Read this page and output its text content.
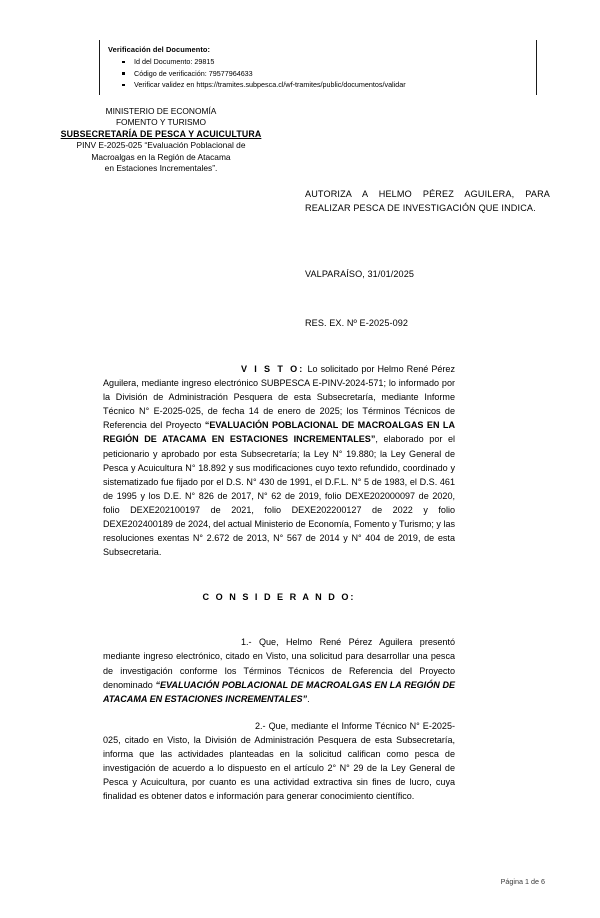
Verificación del Documento:
Id del Documento: 29815
Código de verificación: 79577964633
Verificar validez en https://tramites.subpesca.cl/wf-tramites/public/documentos/validar
MINISTERIO DE ECONOMÍA
FOMENTO Y TURISMO
SUBSECRETARÍA DE PESCA Y ACUICULTURA
PINV E-2025-025 “Evaluación Poblacional de
Macroalgas en la Región de Atacama
en Estaciones Incrementales”.
AUTORIZA A HELMO PÉREZ AGUILERA, PARA REALIZAR PESCA DE INVESTIGACIÓN QUE INDICA.
VALPARAÍSO, 31/01/2025
RES. EX. Nº E-2025-092

V I S T O: Lo solicitado por Helmo René Pérez Aguilera, mediante ingreso electrónico SUBPESCA E-PINV-2024-571; lo informado por la División de Administración Pesquera de esta Subsecretaría, mediante Informe Técnico N° E-2025-025, de fecha 14 de enero de 2025; los Términos Técnicos de Referencia del Proyecto “EVALUACIÓN POBLACIONAL DE MACROALGAS EN LA REGIÓN DE ATACAMA EN ESTACIONES INCREMENTALES”, elaborado por el peticionario y aprobado por esta Subsecretaría; la Ley N° 19.880; la Ley General de Pesca y Acuicultura N° 18.892 y sus modificaciones cuyo texto refundido, coordinado y sistematizado fue fijado por el D.S. N° 430 de 1991, el D.F.L. N° 5 de 1983, el D.S. 461 de 1995 y los D.E. N° 826 de 2017, N° 62 de 2019, folio DEXE202000097 de 2020, folio DEXE202100197 de 2021, folio DEXE202200127 de 2022 y folio DEXE202400189 de 2024, del actual Ministerio de Economía, Fomento y Turismo; y las resoluciones exentas N° 2.672 de 2013, N° 567 de 2014 y N° 404 de 2019, de esta Subsecretaria.

1.- Que, Helmo René Pérez Aguilera presentó mediante ingreso electrónico, citado en Visto, una solicitud para desarrollar una pesca de investigación conforme los Términos Técnicos de Referencia del Proyecto denominado “EVALUACIÓN POBLACIONAL DE MACROALGAS EN LA REGIÓN DE ATACAMA EN ESTACIONES INCREMENTALES”.

2.- Que, mediante el Informe Técnico N° E-2025-025, citado en Visto, la División de Administración Pesquera de esta Subsecretaría, informa que las actividades planteadas en la solicitud califican como pesca de investigación de acuerdo a lo dispuesto en el artículo 2° N° 29 de la Ley General de Pesca y Acuicultura, por cuanto es una actividad extractiva sin fines de lucro, cuya finalidad es obtener datos e información para generar conocimiento científico.

C O N S I D E R A N D O:
Página 1 de 6
